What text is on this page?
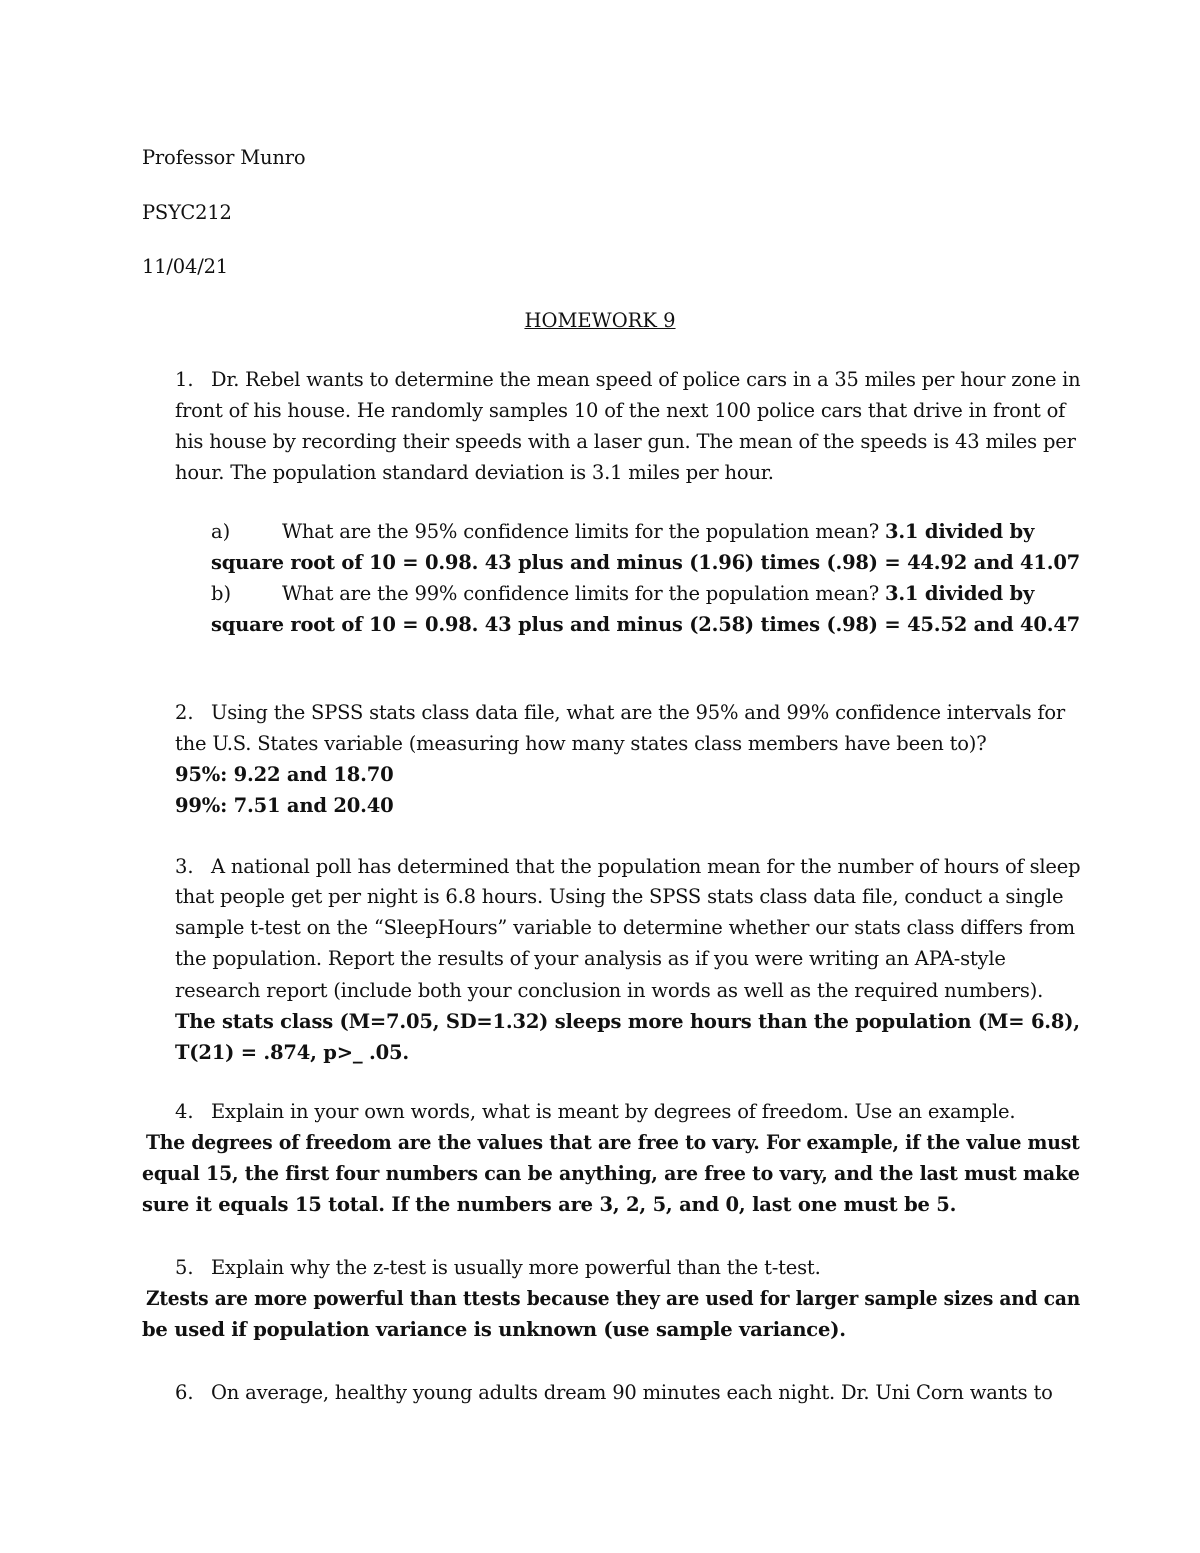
Professor Munro
PSYC212
11/04/21
HOMEWORK 9
1. Dr. Rebel wants to determine the mean speed of police cars in a 35 miles per hour zone in
front of his house. He randomly samples 10 of the next 100 police cars that drive in front of
his house by recording their speeds with a laser gun. The mean of the speeds is 43 miles per
hour. The population standard deviation is 3.1 miles per hour.
a)	What are the 95% confidence limits for the population mean? 3.1 divided by
square root of 10 = 0.98. 43 plus and minus (1.96) times (.98) = 44.92 and 41.07
b)	What are the 99% confidence limits for the population mean? 3.1 divided by
square root of 10 = 0.98. 43 plus and minus (2.58) times (.98) = 45.52 and 40.47
2. Using the SPSS stats class data file, what are the 95% and 99% confidence intervals for
the U.S. States variable (measuring how many states class members have been to)?
95%: 9.22 and 18.70
99%: 7.51 and 20.40
3. A national poll has determined that the population mean for the number of hours of sleep
that people get per night is 6.8 hours. Using the SPSS stats class data file, conduct a single
sample t-test on the “SleepHours” variable to determine whether our stats class differs from
the population. Report the results of your analysis as if you were writing an APA-style
research report (include both your conclusion in words as well as the required numbers).
The stats class (M=7.05, SD=1.32) sleeps more hours than the population (M= 6.8),
T(21) = .874, p>_ .05.
4. Explain in your own words, what is meant by degrees of freedom. Use an example.
The degrees of freedom are the values that are free to vary. For example, if the value must
equal 15, the first four numbers can be anything, are free to vary, and the last must make
sure it equals 15 total. If the numbers are 3, 2, 5, and 0, last one must be 5.
5. Explain why the z-test is usually more powerful than the t-test.
Ztests are more powerful than ttests because they are used for larger sample sizes and can
be used if population variance is unknown (use sample variance).
6. On average, healthy young adults dream 90 minutes each night. Dr. Uni Corn wants to
